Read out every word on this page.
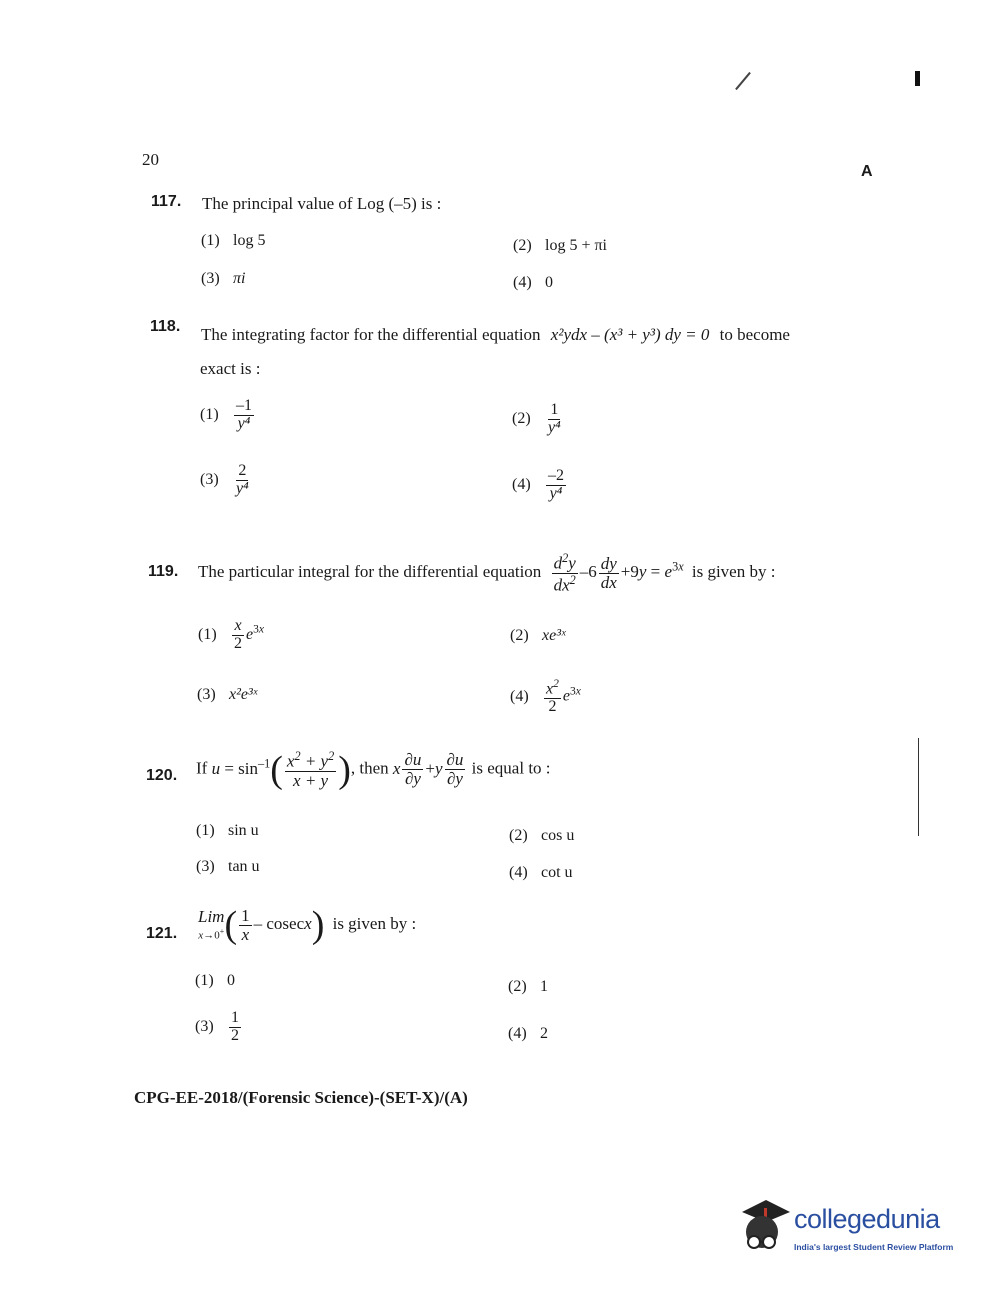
20
A
117. The principal value of Log (–5) is :
(1) log 5	(2) log 5 + πi
(3) πi	(4) 0
118. The integrating factor for the differential equation x²ydx – (x³ + y³) dy = 0 to become
exact is :
$(1) \frac{-1}{\text{y⁴}}$	$(2) \frac{1}{\text{y⁴}}$
$(3) \frac{2}{\text{y⁴}}$	$(4) \frac{-2}{\text{y⁴}}$
119. The particular integral for the differential equation $\frac{d^2y}{dx^2} -6 \frac{dy}{dx} +9y = e^{3x}$ is given by :
$(1) \frac{x}{2} e^{3x}$	(2) xe³ˣ
(3) x²e³ˣ	$(4) \frac{x^2}{2} e^{3x}$
120. If $u = \sin^{-1}( \frac{x^2 + y^2}{x + y}$ ), then x $\frac{\partial u}{\partial y} +y \frac{\partial u}{\partial y}$ is equal to :
(1) sin u	(2) cos u
(3) tan u	(4) cot u
121.
Lim
x→0+ ( $\frac{1}{x} - cosecx$) is given by :
(1) 0	(2) 1
$(3) \frac{1}{2}$	(4) 2
CPG-EE-2018/(Forensic Science)-(SET-X)/(A)
collegedunia
India's largest Student Review Platform
